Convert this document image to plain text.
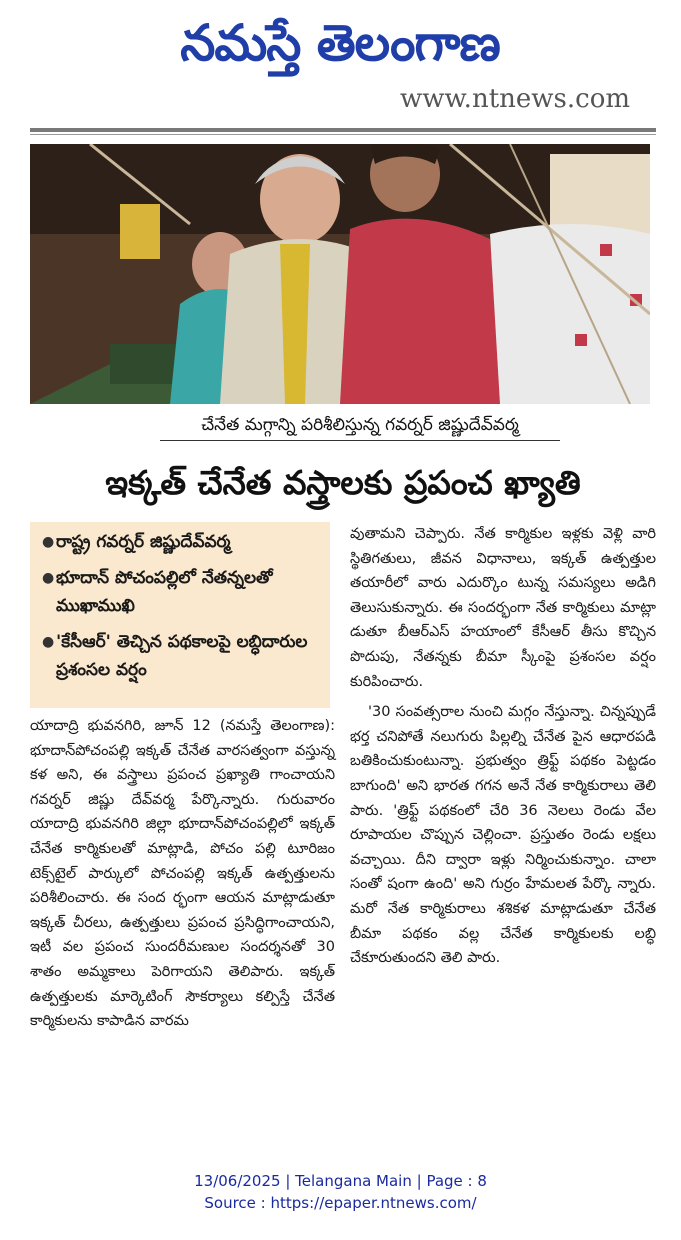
నమస్తే తెలంగాణ
www.ntnews.com
చేనేత మగ్గాన్ని పరిశీలిస్తున్న గవర్నర్ జిష్ణుదేవ్‌వర్మ
ఇక్కత్ చేనేత వస్త్రాలకు ప్రపంచ ఖ్యాతి
● రాష్ట్ర గవర్నర్ జిష్ణుదేవ్‌వర్మ
● భూదాన్ పోచంపల్లిలో నేతన్నలతో ముఖాముఖి
● 'కేసీఆర్' తెచ్చిన పథకాలపై లబ్ధిదారుల ప్రశంసల వర్షం

యాదాద్రి భువనగిరి, జూన్ 12 (నమస్తే తెలంగాణ): భూదాన్‌పోచంపల్లి ఇక్కత్ చేనేత వారసత్వంగా వస్తున్న కళ అని, ఈ వస్త్రాలు ప్రపంచ ప్రఖ్యాతి గాంచాయని గవర్నర్ జిష్ణు దేవ్‌వర్మ పేర్కొన్నారు. గురువారం యాదాద్రి భువనగిరి జిల్లా భూదాన్‌పోచంపల్లిలో ఇక్కత్ చేనేత కార్మికులతో మాట్లాడి, పోచం పల్లి టూరిజం టెక్స్‌టైల్ పార్కులో పోచంపల్లి ఇక్కత్ ఉత్పత్తులను పరిశీలించారు. ఈ సంద ర్భంగా ఆయన మాట్లాడుతూ ఇక్కత్ చీరలు, ఉత్పత్తులు ప్రపంచ ప్రసిద్ధిగాంచాయని, ఇటీ వల ప్రపంచ సుందరీమణుల సందర్శనతో 30 శాతం అమ్మకాలు పెరిగాయని తెలిపారు. ఇక్కత్ ఉత్పత్తులకు మార్కెటింగ్ సౌకర్యాలు కల్పిస్తే చేనేత కార్మికులను కాపాడిన వారమ

వుతామని చెప్పారు. నేత కార్మికుల ఇళ్లకు వెళ్లి వారి స్థితిగతులు, జీవన విధానాలు, ఇక్కత్ ఉత్పత్తుల తయారీలో వారు ఎదుర్కొం టున్న సమస్యలు అడిగి తెలుసుకున్నారు. ఈ సందర్భంగా నేత కార్మికులు మాట్లా డుతూ బీఆర్ఎస్ హయాంలో కేసీఆర్ తీసు కొచ్చిన పొదుపు, నేతన్నకు బీమా స్కీంపై ప్రశంసల వర్షం కురిపించారు.

'30 సంవత్సరాల నుంచి మగ్గం నేస్తున్నా. చిన్నప్పుడే భర్త చనిపోతే నలుగురు పిల్లల్ని చేనేత పైన ఆధారపడి బతికించుకుంటున్నా. ప్రభుత్వం త్రిఫ్ట్ పథకం పెట్టడం బాగుంది' అని భారత గగన అనే నేత కార్మికురాలు తెలి పారు. 'త్రిఫ్ట్ పథకంలో చేరి 36 నెలలు రెండు వేల రూపాయల చొప్పున చెల్లించా. ప్రస్తుతం రెండు లక్షలు వచ్చాయి. దీని ద్వారా ఇళ్లు నిర్మించుకున్నాం. చాలా సంతో షంగా ఉంది' అని గుర్రం హేమలత పేర్కొ న్నారు. మరో నేత కార్మికురాలు శశికళ మాట్లాడుతూ చేనేత బీమా పథకం వల్ల చేనేత కార్మికులకు లబ్ధి చేకూరుతుందని తెలి పారు.

13/06/2025 | Telangana Main | Page : 8
Source : https://epaper.ntnews.com/
